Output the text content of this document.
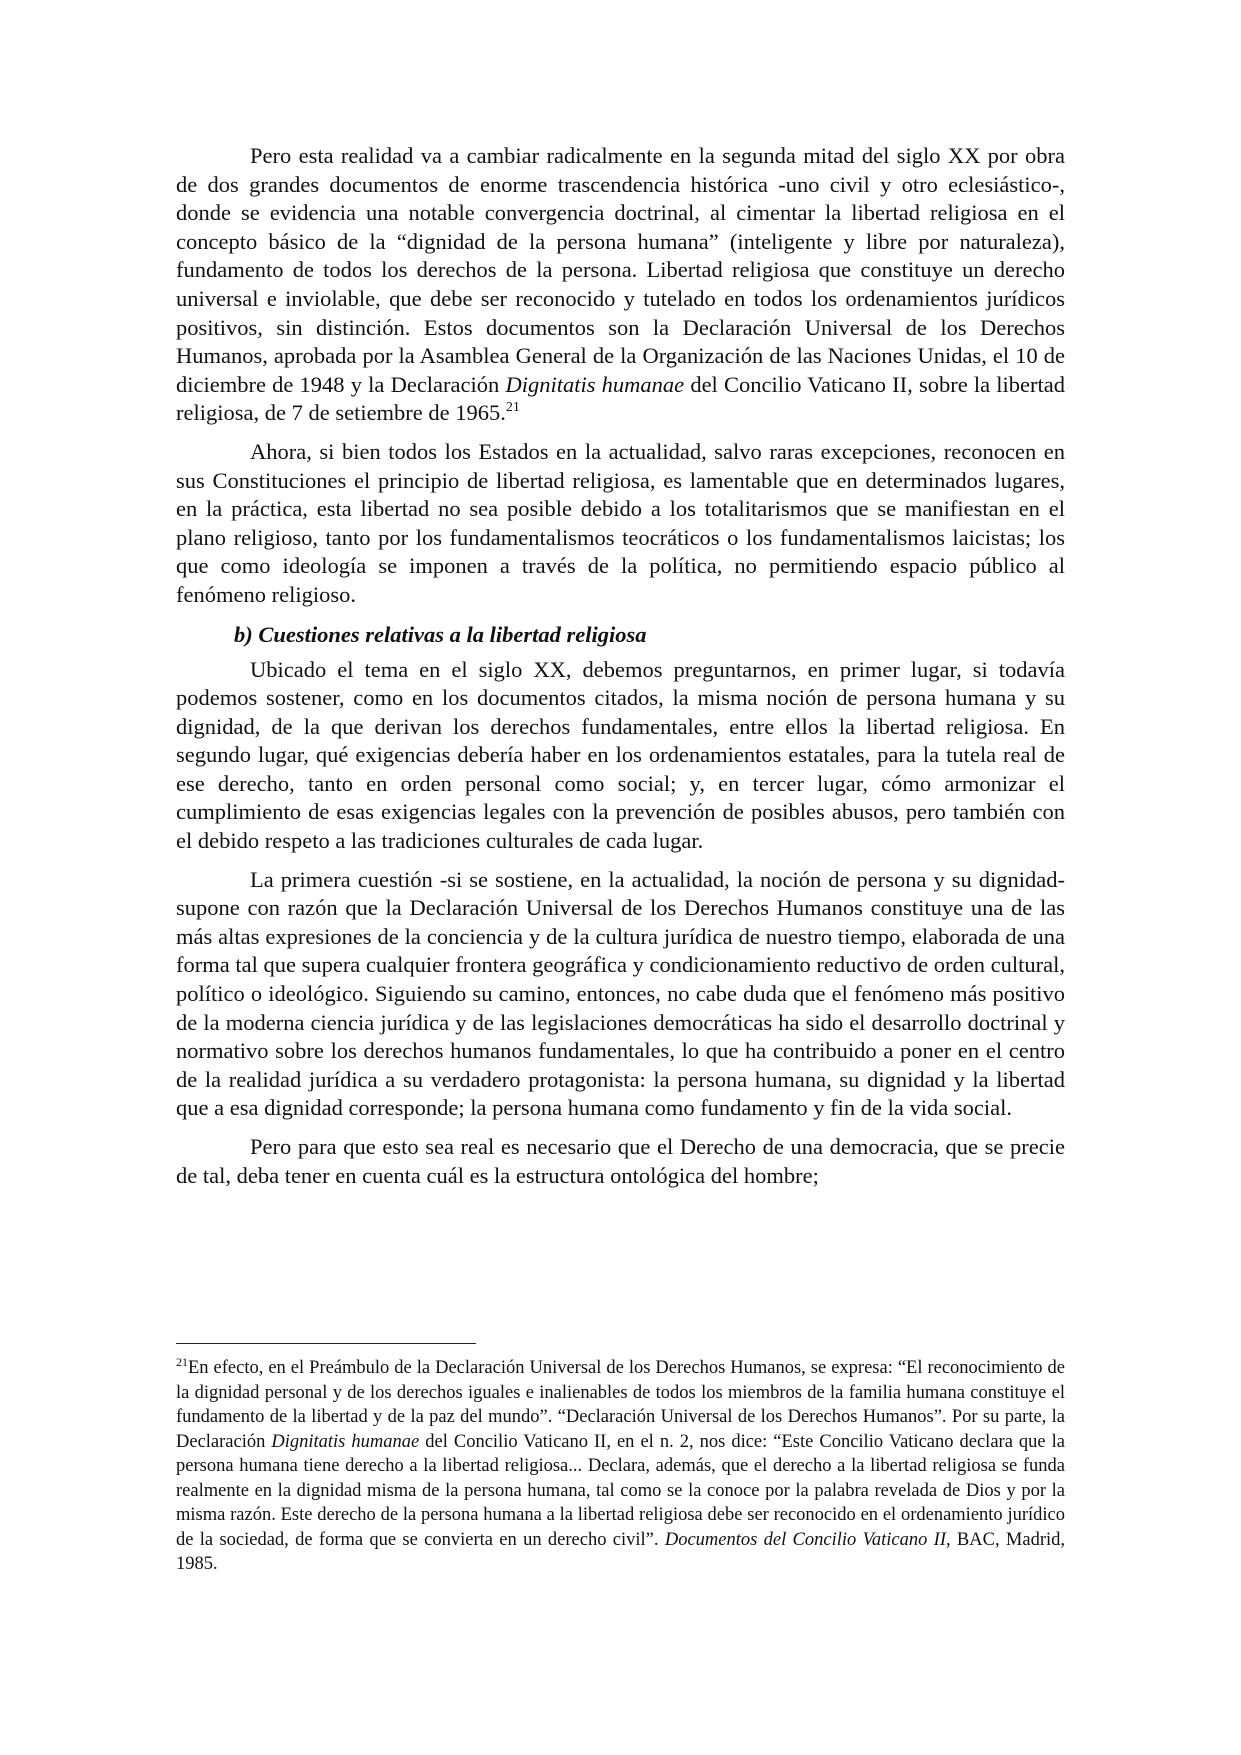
Pero esta realidad va a cambiar radicalmente en la segunda mitad del siglo XX por obra de dos grandes documentos de enorme trascendencia histórica -uno civil y otro eclesiástico-, donde se evidencia una notable convergencia doctrinal, al cimentar la libertad religiosa en el concepto básico de la “dignidad de la persona humana” (inteligente y libre por naturaleza), fundamento de todos los derechos de la persona. Libertad religiosa que constituye un derecho universal e inviolable, que debe ser reconocido y tutelado en todos los ordenamientos jurídicos positivos, sin distinción. Estos documentos son la Declaración Universal de los Derechos Humanos, aprobada por la Asamblea General de la Organización de las Naciones Unidas, el 10 de diciembre de 1948 y la Declaración Dignitatis humanae del Concilio Vaticano II, sobre la libertad religiosa, de 7 de setiembre de 1965.21

Ahora, si bien todos los Estados en la actualidad, salvo raras excepciones, reconocen en sus Constituciones el principio de libertad religiosa, es lamentable que en determinados lugares, en la práctica, esta libertad no sea posible debido a los totalitarismos que se manifiestan en el plano religioso, tanto por los fundamentalismos teocráticos o los fundamentalismos laicistas; los que como ideología se imponen a través de la política, no permitiendo espacio público al fenómeno religioso.

b) Cuestiones relativas a la libertad religiosa

Ubicado el tema en el siglo XX, debemos preguntarnos, en primer lugar, si todavía podemos sostener, como en los documentos citados, la misma noción de persona humana y su dignidad, de la que derivan los derechos fundamentales, entre ellos la libertad religiosa. En segundo lugar, qué exigencias debería haber en los ordenamientos estatales, para la tutela real de ese derecho, tanto en orden personal como social; y, en tercer lugar, cómo armonizar el cumplimiento de esas exigencias legales con la prevención de posibles abusos, pero también con el debido respeto a las tradiciones culturales de cada lugar.

La primera cuestión -si se sostiene, en la actualidad, la noción de persona y su dignidad- supone con razón que la Declaración Universal de los Derechos Humanos constituye una de las más altas expresiones de la conciencia y de la cultura jurídica de nuestro tiempo, elaborada de una forma tal que supera cualquier frontera geográfica y condicionamiento reductivo de orden cultural, político o ideológico. Siguiendo su camino, entonces, no cabe duda que el fenómeno más positivo de la moderna ciencia jurídica y de las legislaciones democráticas ha sido el desarrollo doctrinal y normativo sobre los derechos humanos fundamentales, lo que ha contribuido a poner en el centro de la realidad jurídica a su verdadero protagonista: la persona humana, su dignidad y la libertad que a esa dignidad corresponde; la persona humana como fundamento y fin de la vida social.

Pero para que esto sea real es necesario que el Derecho de una democracia, que se precie de tal, deba tener en cuenta cuál es la estructura ontológica del hombre;

$^{21}$En efecto, en el Preámbulo de la Declaración Universal de los Derechos Humanos, se expresa: “El reconocimiento de la dignidad personal y de los derechos iguales e inalienables de todos los miembros de la familia humana constituye el fundamento de la libertad y de la paz del mundo”. “Declaración Universal de los Derechos Humanos”. Por su parte, la Declaración Dignitatis humanae del Concilio Vaticano II, en el n. 2, nos dice: “Este Concilio Vaticano declara que la persona humana tiene derecho a la libertad religiosa... Declara, además, que el derecho a la libertad religiosa se funda realmente en la dignidad misma de la persona humana, tal como se la conoce por la palabra revelada de Dios y por la misma razón. Este derecho de la persona humana a la libertad religiosa debe ser reconocido en el ordenamiento jurídico de la sociedad, de forma que se convierta en un derecho civil”. Documentos del Concilio Vaticano II, BAC, Madrid, 1985.
